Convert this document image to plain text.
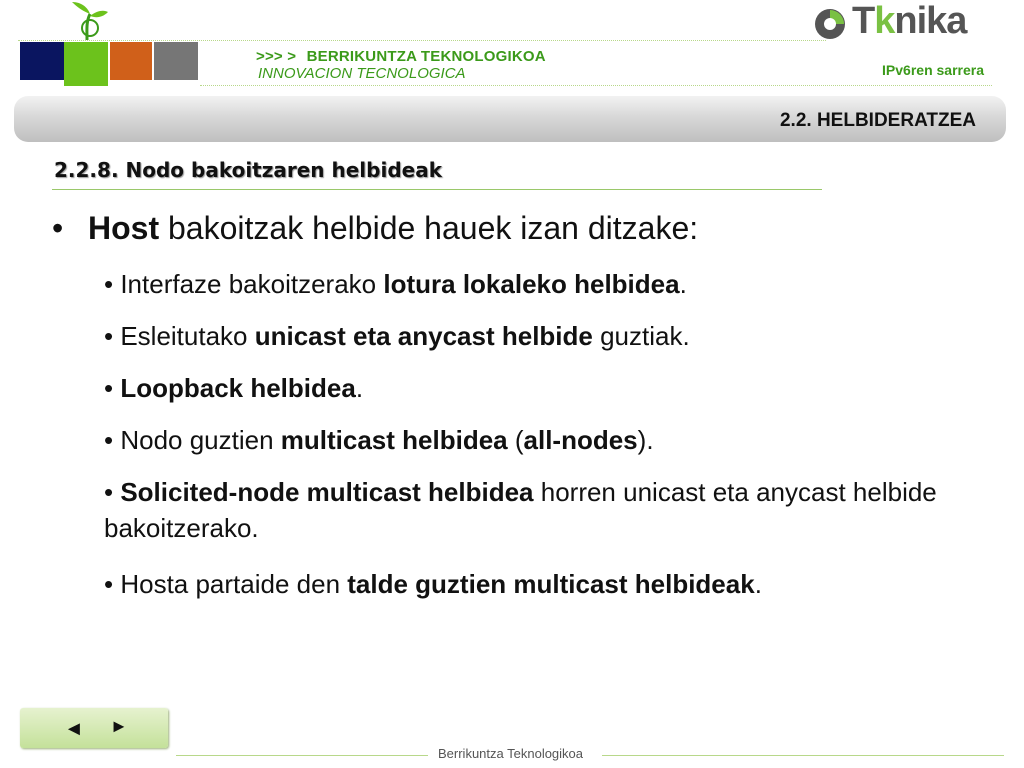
>>> > BERRIKUNTZA TEKNOLOGIKOA
INNOVACION TECNOLOGICA
Tknika
IPv6ren sarrera
2.2. HELBIDERATZEA
2.2.8. Nodo bakoitzaren helbideak
• Host bakoitzak helbide hauek izan ditzake:
• Interfaze bakoitzerako lotura lokaleko helbidea.
• Esleitutako unicast eta anycast helbide guztiak.
• Loopback helbidea.
• Nodo guztien multicast helbidea (all-nodes).
• Solicited-node multicast helbidea horren unicast eta anycast helbide bakoitzerako.
• Hosta partaide den talde guztien multicast helbideak.
◄ ►
Berrikuntza Teknologikoa
